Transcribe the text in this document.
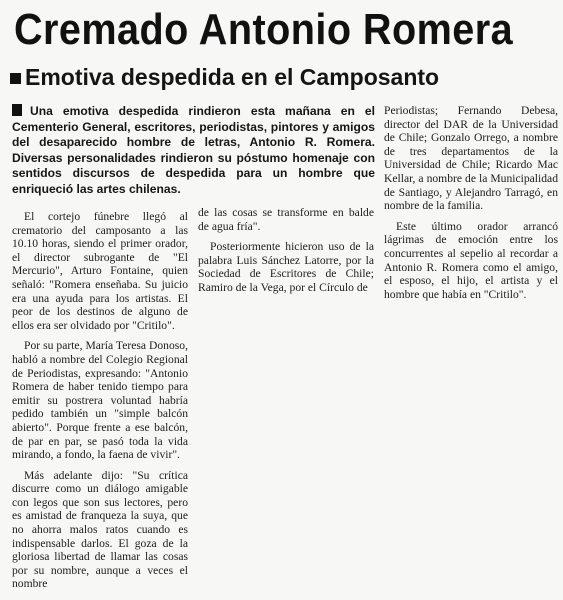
Cremado Antonio Romera
Emotiva despedida en el Camposanto
Una emotiva despedida rindieron esta mañana en el Cementerio General, escritores, periodistas, pintores y amigos del desaparecido hombre de letras, Antonio R. Romera. Diversas personalidades rindieron su póstumo homenaje con sentidos discursos de despedida para un hombre que enriqueció las artes chilenas.

El cortejo fúnebre llegó al crematorio del camposanto a las 10.10 horas, siendo el primer orador, el director subrogante de "El Mercurio", Arturo Fontaine, quien señaló: "Romera enseñaba. Su juicio era una ayuda para los artistas. El peor de los destinos de alguno de ellos era ser olvidado por "Critilo".

Por su parte, María Teresa Donoso, habló a nombre del Colegio Regional de Periodistas, expresando: "Antonio Romera de haber tenido tiempo para emitir su postrera voluntad habría pedido también un "simple balcón abierto". Porque frente a ese balcón, de par en par, se pasó toda la vida mirando, a fondo, la faena de vivir".

Más adelante dijo: "Su crítica discurre como un diálogo amigable con legos que son sus lectores, pero es amistad de franqueza la suya, que no ahorra malos ratos cuando es indispensable darlos. El goza de la gloriosa libertad de llamar las cosas por su nombre, aunque a veces el nombre

de las cosas se transforme en balde de agua fría".

Posteriormente hicieron uso de la palabra Luis Sánchez Latorre, por la Sociedad de Escritores de Chile; Ramiro de la Vega, por el Círculo de

Periodistas; Fernando Debesa, director del DAR de la Universidad de Chile; Gonzalo Orrego, a nombre de tres departamentos de la Universidad de Chile; Ricardo Mac Kellar, a nombre de la Municipalidad de Santiago, y Alejandro Tarragó, en nombre de la familia.

Este último orador arrancó lágrimas de emoción entre los concurrentes al sepelio al recordar a Antonio R. Romera como el amigo, el esposo, el hijo, el artista y el hombre que había en "Critilo".
